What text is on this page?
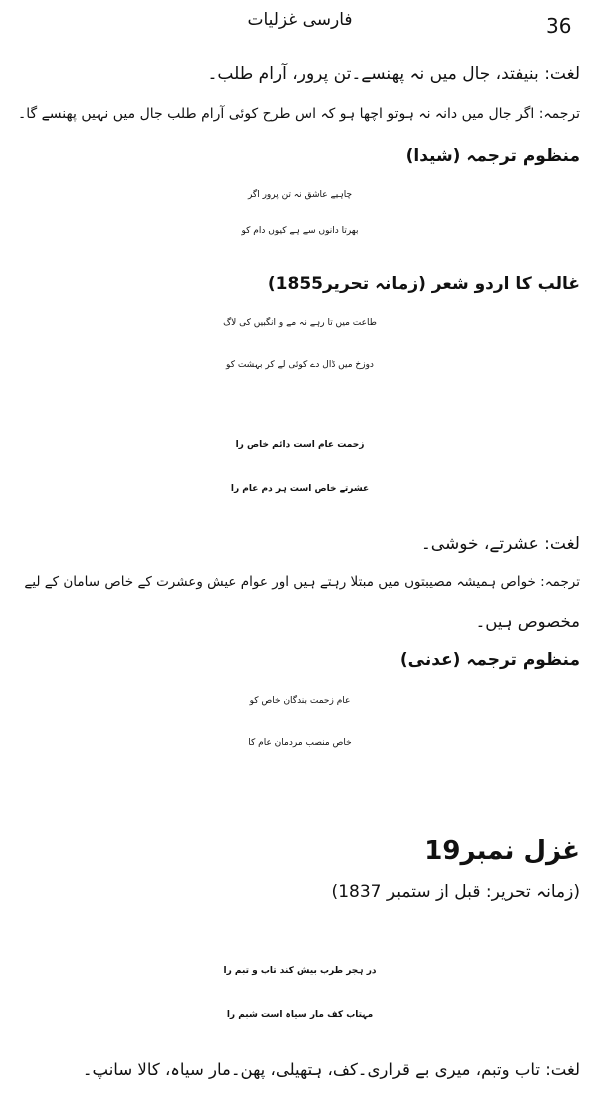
فارسی غزلیات	36
لغت: بنیفتد، جال میں نہ پھنسے۔تن پرور، آرام طلب۔
ترجمہ: اگر جال میں دانہ نہ ہوتو اچھا ہو کہ اس طرح کوئی آرام طلب جال میں نہیں پھنسے گا۔
منظوم ترجمہ (شیدا)
چاہیے عاشق نہ تن پرور اگر
بھرتا دانوں سے ہے کیوں دام کو
غالب کا اردو شعر (زمانہ تحریر1855)
طاعت میں تا رہے نہ مے و انگبیں کی لاگ
دوزخ میں ڈال دے کوئی لے کر بہشت کو
زحمت عام است دائم خاص را
عشرتے خاص است ہر دم عام را
لغت: عشرتے، خوشی۔
ترجمہ: خواص ہمیشہ مصیبتوں میں مبتلا رہتے ہیں اور عوام عیش وعشرت کے خاص سامان کے لیے
مخصوص ہیں۔
منظوم ترجمہ (عدنی)
عام زحمت بندگان خاص کو
خاص منصب مردمان عام کا
غزل نمبر19
(زمانہ تحریر: قبل از ستمبر 1837)
در ہجر طرب بیش کند تاب و تبم را
مہتاب کف مار سیاہ است شبم را
لغت: تاب وتبم، میری بے قراری۔کف، ہتھیلی، پھن۔مار سیاہ، کالا سانپ۔
